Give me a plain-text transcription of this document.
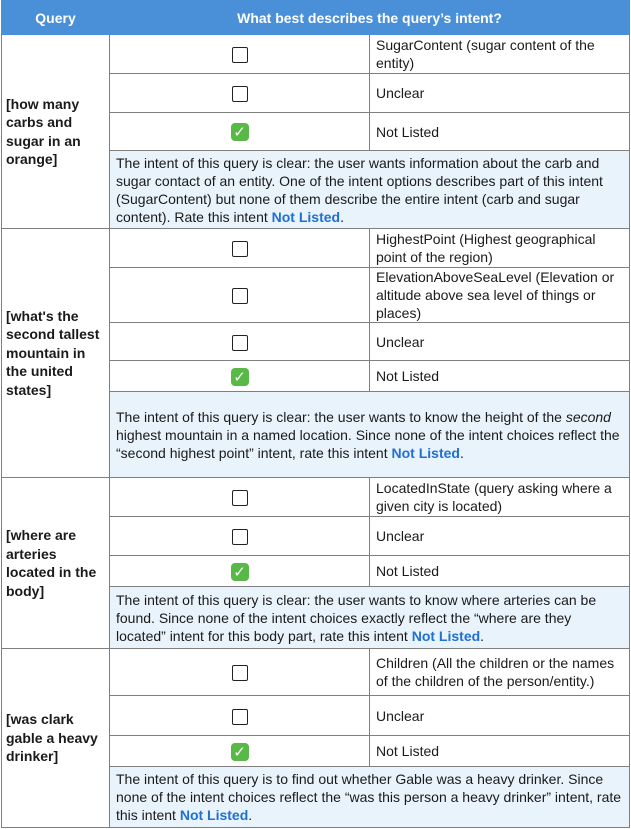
Query	What best describes the query’s intent?	
[how many carbs and sugar in an orange]		SugarContent (sugar content of the entity)
		Unclear
	✓	Not Listed
	The intent of this query is clear: the user wants information about the carb and sugar contact of an entity. One of the intent options describes part of this intent (SugarContent) but none of them describe the entire intent (carb and sugar content). Rate this intent Not Listed.	
[what's the second tallest mountain in the united states]		HighestPoint (Highest geographical point of the region)
		ElevationAboveSeaLevel (Elevation or altitude above sea level of things or places)
		Unclear
	✓	Not Listed
	The intent of this query is clear: the user wants to know the height of the second highest mountain in a named location. Since none of the intent choices reflect the “second highest point” intent, rate this intent Not Listed.	
[where are arteries located in the body]		LocatedInState (query asking where a given city is located)
		Unclear
	✓	Not Listed
	The intent of this query is clear: the user wants to know where arteries can be found. Since none of the intent choices exactly reflect the “where are they located” intent for this body part, rate this intent Not Listed.	
[was clark gable a heavy drinker]		Children (All the children or the names of the children of the person/entity.)
		Unclear
	✓	Not Listed
	The intent of this query is to find out whether Gable was a heavy drinker. Since none of the intent choices reflect the “was this person a heavy drinker” intent, rate this intent Not Listed.	
